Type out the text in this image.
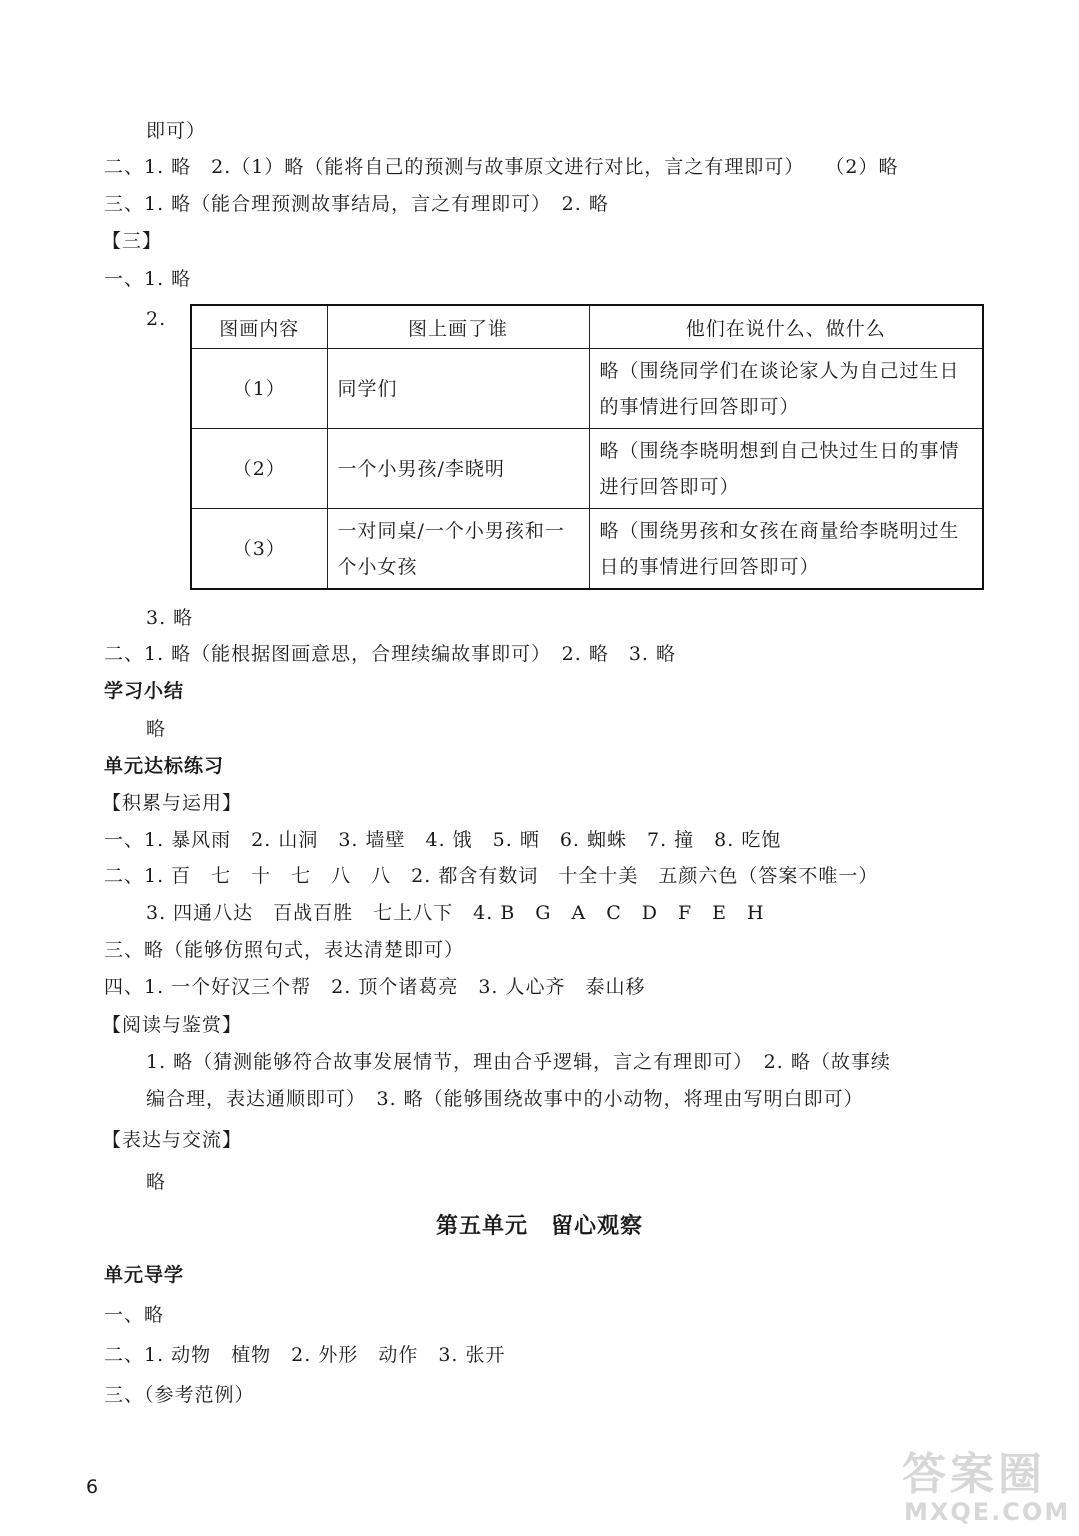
即可）
二、1. 略　2.（1）略（能将自己的预测与故事原文进行对比，言之有理即可）　　（2）略
三、1. 略（能合理预测故事结局，言之有理即可）　2. 略
【三】
一、1. 略
2.	图画内容	图上画了谁	他们在说什么、做什么
（1）	同学们	略（围绕同学们在谈论家人为自己过生日的事情进行回答即可）
（2）	一个小男孩/李晓明	略（围绕李晓明想到自己快过生日的事情进行回答即可）
（3）	一对同桌/一个小男孩和一个小女孩	略（围绕男孩和女孩在商量给李晓明过生日的事情进行回答即可）
3. 略
二、1. 略（能根据图画意思，合理续编故事即可）　2. 略　3. 略
学习小结
略
单元达标练习
【积累与运用】
一、1. 暴风雨　2. 山洞　3. 墙壁　4. 饿　5. 晒　6. 蜘蛛　7. 撞　8. 吃饱
二、1. 百　七　十　七　八　八　2. 都含有数词　十全十美　五颜六色（答案不唯一）
3. 四通八达　百战百胜　七上八下　4. B　G　A　C　D　F　E　H
三、略（能够仿照句式，表达清楚即可）
四、1. 一个好汉三个帮　2. 顶个诸葛亮　3. 人心齐　泰山移
【阅读与鉴赏】
1. 略（猜测能够符合故事发展情节，理由合乎逻辑，言之有理即可）　2. 略（故事续
编合理，表达通顺即可）　3. 略（能够围绕故事中的小动物，将理由写明白即可）
【表达与交流】
略
第五单元　留心观察
单元导学
一、略
二、1. 动物　植物　2. 外形　动作　3. 张开
三、（参考范例）
6	答案圈
MXQE.COM
